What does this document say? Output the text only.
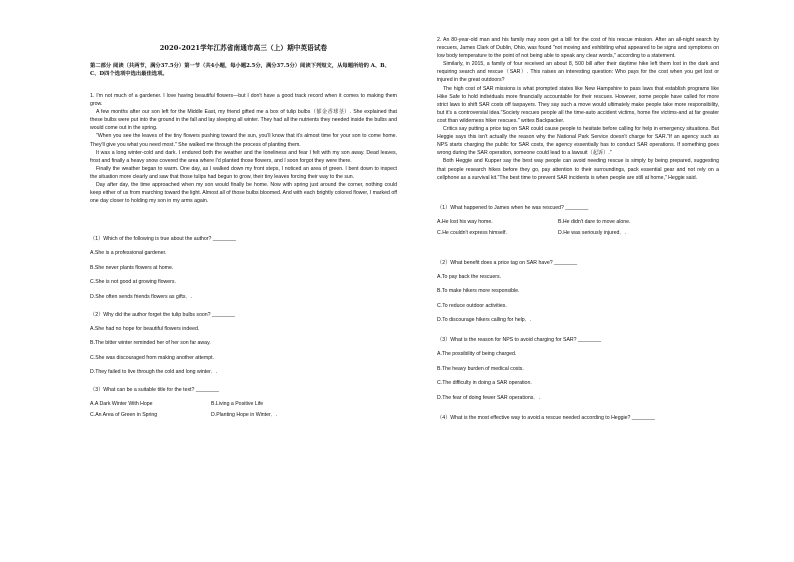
2020-2021学年江苏省南通市高三（上）期中英语试卷
第二部分 阅读（共两节，满分37.5分）第一节（共4小题，每小题2.5分，满分37.5分）阅读下列短文，从每题所给的 A、B、C、D四个选项中选出最佳选项。

1. I'm not much of a gardener. I love having beautiful flowers—but I don't have a good track record when it comes to making them grow.

A few months after our son left for the Middle East, my friend gifted me a box of tulip bulbs（郁金香球茎）. She explained that these bulbs were put into the ground in the fall and lay sleeping all winter. They had all the nutrients they needed inside the bulbs and would come out in the spring.

"When you see the leaves of the tiny flowers pushing toward the sun, you'll know that it's almost time for your son to come home. They'll give you what you need most." She walked me through the process of planting them.

It was a long winter-cold and dark. I endured both the weather and the loneliness and fear I felt with my son away. Dead leaves, frost and finally a heavy snow covered the area where I'd planted those flowers, and I soon forgot they were there.

Finally the weather began to warm. One day, as I walked down my front steps, I noticed an area of green. I bent down to inspect the situation more clearly and saw that those tulips had begun to grow, their tiny leaves forcing their way to the sun.

Day after day, the time approached when my son would finally be home. Now with spring just around the corner, nothing could keep either of us from marching toward the light. Almost all of those bulbs bloomed. And with each brightly colored flower, I marked off one day closer to holding my son in my arms again.

（1）Which of the following is true about the author? ________
A.She is a professional gardener.
B.She never plants flowers at home.
C.She is not good at growing flowers.
D.She often sends friends flowers as gifts．.
（2）Why did the author forget the tulip bulbs soon? ________
A.She had no hope for beautiful flowers indeed.
B.The bitter winter reminded her of her son far away.
C.She was discouraged from making another attempt.
D.They failed to live through the cold and long winter．.
（3）What can be a suitable title for the text? ________
A.A Dark Winter With Hope	B.Living a Positive Life
C.An Area of Green in Spring	D.Planting Hope in Winter．.

2. An 80-year-old man and his family may soon get a bill for the cost of his rescue mission. After an all-night search by rescuers, James Clark of Dublin, Ohio, was found "not moving and exhibiting what appeared to be signs and symptoms on low body temperature to the point of not being able to speak any clear words," according to a statement.

Similarly, in 2015, a family of four received an about 8, 500 bill after their daytime hike left them lost in the dark and requiring search and rescue（SAR）. This raises an interesting question: Who pays for the cost when you get lost or injured in the great outdoors?

The high cost of SAR missions is what prompted states like New Hampshire to pass laws that establish programs like Hike Safe to hold individuals more financially accountable for their rescues. However, some people have called for more strict laws to shift SAR costs off taxpayers. They say such a move would ultimately make people take more responsibility, but it's a controversial idea."Society rescues people all the time-auto accident victims, home fire victims-and at far greater cost than wilderness hiker rescues." writes Backpacker.

Critics say putting a price tag on SAR could cause people to hesitate before calling for help in emergency situations. But Heggie says this isn't actually the reason why the National Park Service doesn't charge for SAR."If an agency such as NPS starts charging the public for SAR costs, the agency essentially has to conduct SAR operations. If something goes wrong during the SAR operation, someone could lead to a lawsuit（起诉）."

Both Heggie and Kupper say the best way people can avoid needing rescue is simply by being prepared, suggesting that people research hikes before they go, pay attention to their surroundings, pack essential gear and not rely on a cellphone as a survival kit."The best time to prevent SAR incidents is when people are still at home," Heggie said.

（1）What happened to James when he was rescued? ________
A.He lost his way home.	B.He didn't dare to move alone.
C.He couldn't express himself.	D.He was seriously injured．.
（2）What benefit does a price tag on SAR have? ________
A.To pay back the rescuers.
B.To make hikers more responsible.
C.To reduce outdoor activities.
D.To discourage hikers calling for help．.
（3）What is the reason for NPS to avoid charging for SAR? ________
A.The possibility of being charged.
B.The heavy burden of medical costs.
C.The difficulty in doing a SAR operation.
D.The fear of doing fewer SAR operations．.
（4）What is the most effective way to avoid a rescue needed according to Heggie? ________
